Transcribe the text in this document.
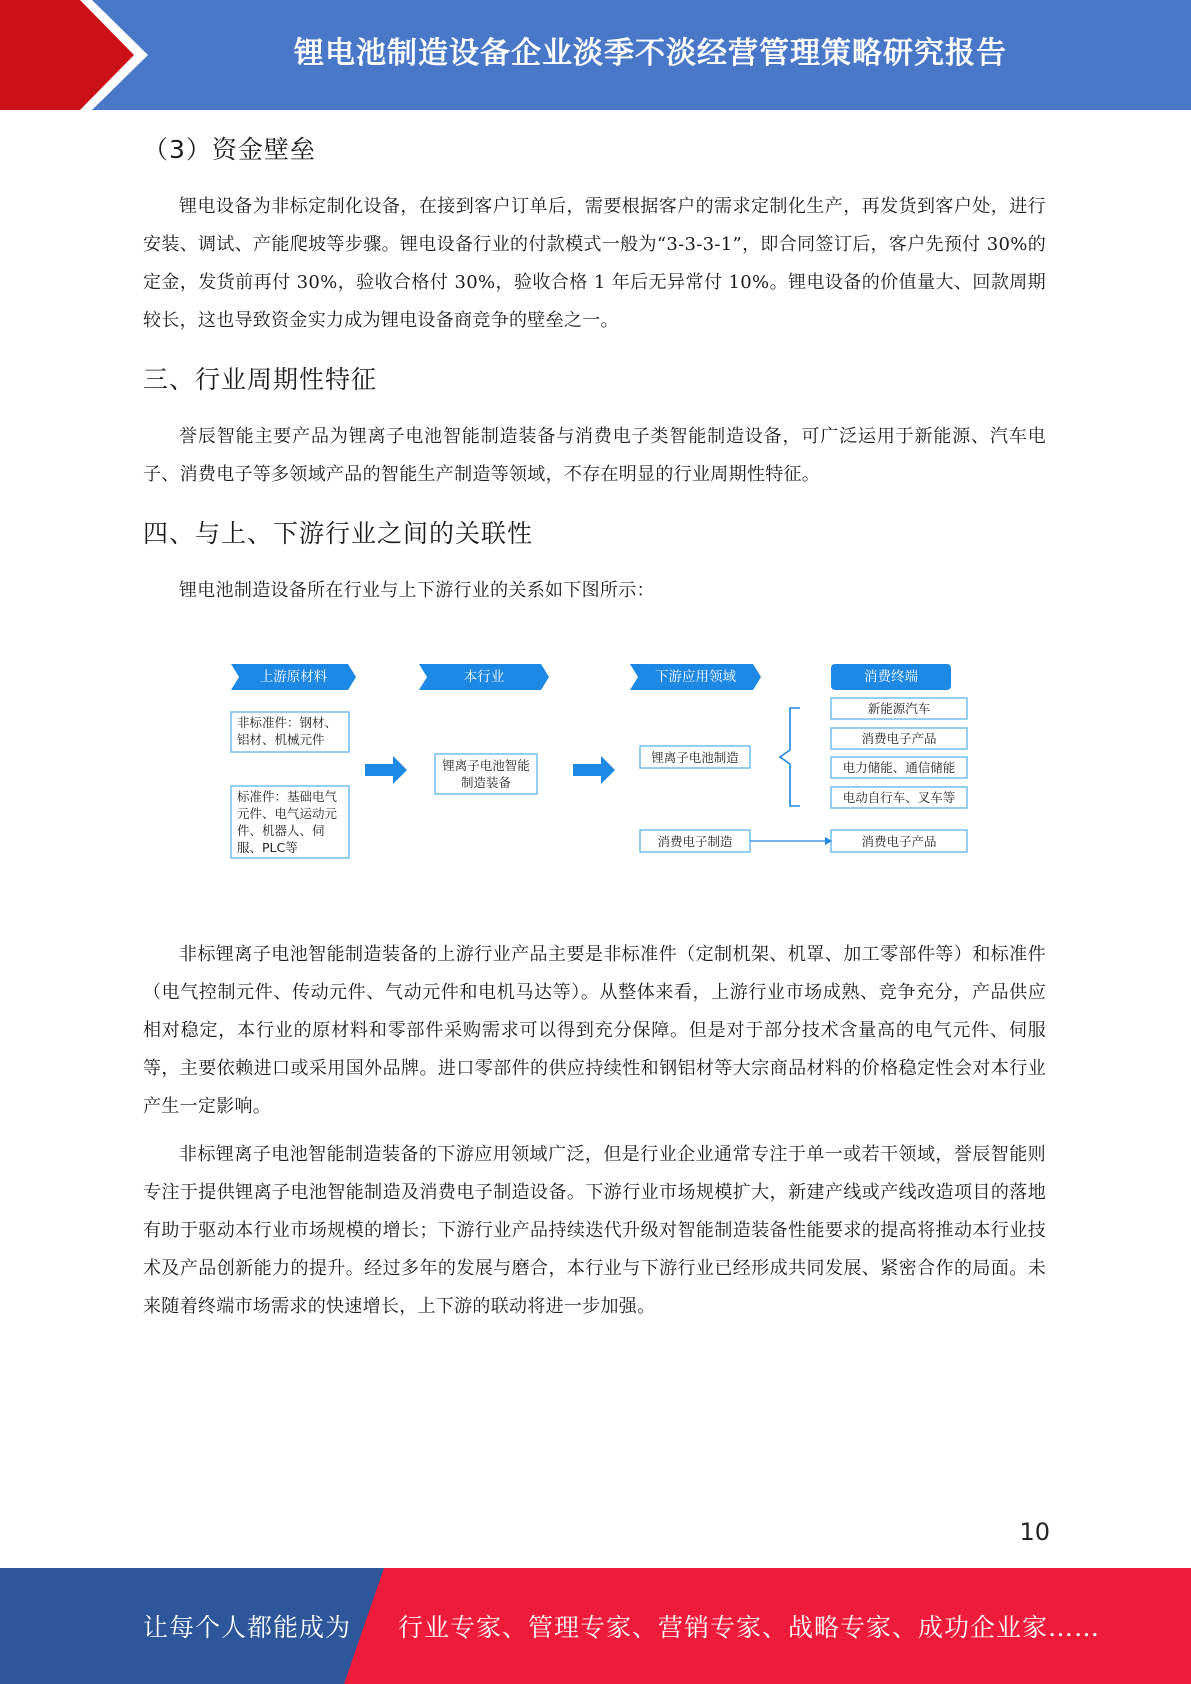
锂电池制造设备企业淡季不淡经营管理策略研究报告
（3）资金壁垒

锂电设备为非标定制化设备，在接到客户订单后，需要根据客户的需求定制化生产，再发货到客户处，进行安装、调试、产能爬坡等步骤。锂电设备行业的付款模式一般为“3-3-3-1”，即合同签订后，客户先预付 30%的定金，发货前再付 30%，验收合格付 30%，验收合格 1 年后无异常付 10%。锂电设备的价值量大、回款周期较长，这也导致资金实力成为锂电设备商竞争的壁垒之一。

三、行业周期性特征

誉辰智能主要产品为锂离子电池智能制造装备与消费电子类智能制造设备，可广泛运用于新能源、汽车电子、消费电子等多领域产品的智能生产制造等领域，不存在明显的行业周期性特征。

四、与上、下游行业之间的关联性

锂电池制造设备所在行业与上下游行业的关系如下图所示：

上游原材料	本行业	下游应用领域	消费终端
非标准件：钢材、铝材、机械元件
标准件：基础电气元件、电气运动元件、机器人、伺服、PLC等
锂离子电池智能制造装备
锂离子电池制造
消费电子制造
新能源汽车
消费电子产品
电力储能、通信储能
电动自行车、叉车等
消费电子产品

非标锂离子电池智能制造装备的上游行业产品主要是非标准件（定制机架、机罩、加工零部件等）和标准件（电气控制元件、传动元件、气动元件和电机马达等）。从整体来看，上游行业市场成熟、竞争充分，产品供应相对稳定，本行业的原材料和零部件采购需求可以得到充分保障。但是对于部分技术含量高的电气元件、伺服等，主要依赖进口或采用国外品牌。进口零部件的供应持续性和钢铝材等大宗商品材料的价格稳定性会对本行业产生一定影响。

非标锂离子电池智能制造装备的下游应用领域广泛，但是行业企业通常专注于单一或若干领域，誉辰智能则专注于提供锂离子电池智能制造及消费电子制造设备。下游行业市场规模扩大，新建产线或产线改造项目的落地有助于驱动本行业市场规模的增长；下游行业产品持续迭代升级对智能制造装备性能要求的提高将推动本行业技术及产品创新能力的提升。经过多年的发展与磨合，本行业与下游行业已经形成共同发展、紧密合作的局面。未来随着终端市场需求的快速增长，上下游的联动将进一步加强。

10
让每个人都能成为 行业专家、管理专家、营销专家、战略专家、成功企业家……
